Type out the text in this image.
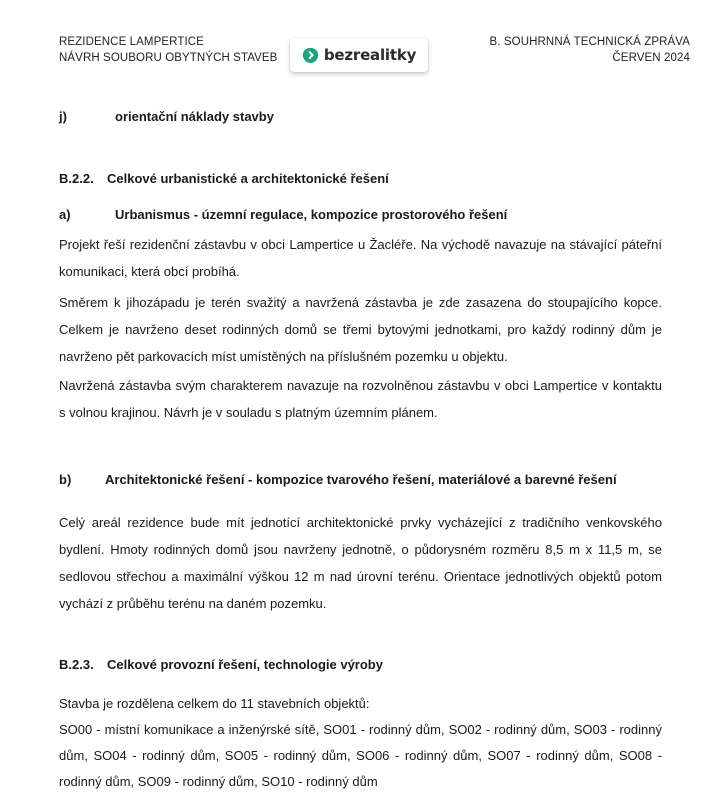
REZIDENCE LAMPERTICE
NÁVRH SOUBORU OBYTNÝCH STAVEB	bezrealitky
B. SOUHRNNÁ TECHNICKÁ ZPRÁVA
ČERVEN 2024
j)	orientační náklady stavby
B.2.2. Celkové urbanistické a architektonické řešení
a)	Urbanismus - územní regulace, kompozice prostorového řešení
Projekt řeší rezidenční zástavbu v obci Lampertice u Žacléře. Na východě navazuje na stávající páteřní
komunikaci, která obcí probíhá.
Směrem k jihozápadu je terén svažitý a navržená zástavba je zde zasazena do stoupajícího kopce.
Celkem je navrženo deset rodinných domů se třemi bytovými jednotkami, pro každý rodinný dům je
navrženo pět parkovacích míst umístěných na příslušném pozemku u objektu.
Navržená zástavba svým charakterem navazuje na rozvolněnou zástavbu v obci Lampertice v kontaktu
s volnou krajinou. Návrh je v souladu s platným územním plánem.
b)	Architektonické řešení - kompozice tvarového řešení, materiálové a barevné řešení
Celý areál rezidence bude mít jednotící architektonické prvky vycházející z tradičního venkovského
bydlení. Hmoty rodinných domů jsou navrženy jednotně, o půdorysném rozměru 8,5 m x 11,5 m, se
sedlovou střechou a maximální výškou 12 m nad úrovní terénu. Orientace jednotlivých objektů potom
vychází z průběhu terénu na daném pozemku.
B.2.3. Celkové provozní řešení, technologie výroby
Stavba je rozdělena celkem do 11 stavebních objektů:
SO00 - místní komunikace a inženýrské sítě, SO01 - rodinný dům, SO02 - rodinný dům, SO03 - rodinný
dům, SO04 - rodinný dům, SO05 - rodinný dům, SO06 - rodinný dům, SO07 - rodinný dům, SO08 -
rodinný dům, SO09 - rodinný dům, SO10 - rodinný dům
